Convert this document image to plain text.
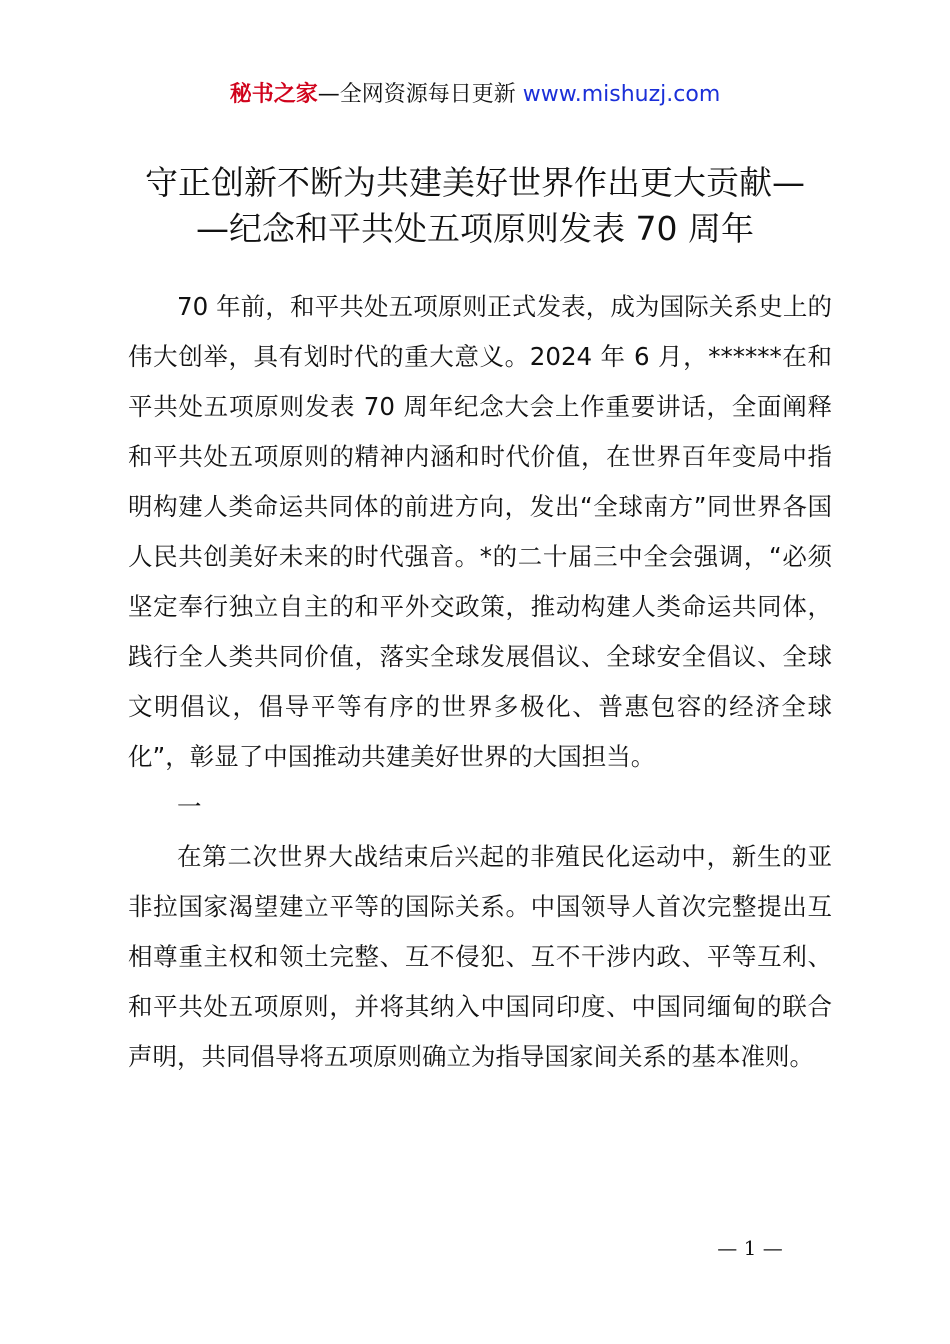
秘书之家—全网资源每日更新 www.mishuzj.com
守正创新不断为共建美好世界作出更大贡献—
—纪念和平共处五项原则发表 70 周年

70 年前，和平共处五项原则正式发表，成为国际关系史上的伟大创举，具有划时代的重大意义。2024 年 6 月，******在和平共处五项原则发表 70 周年纪念大会上作重要讲话，全面阐释和平共处五项原则的精神内涵和时代价值，在世界百年变局中指明构建人类命运共同体的前进方向，发出“全球南方”同世界各国人民共创美好未来的时代强音。*的二十届三中全会强调，“必须坚定奉行独立自主的和平外交政策，推动构建人类命运共同体，践行全人类共同价值，落实全球发展倡议、全球安全倡议、全球文明倡议，倡导平等有序的世界多极化、普惠包容的经济全球化”，彰显了中国推动共建美好世界的大国担当。

一

在第二次世界大战结束后兴起的非殖民化运动中，新生的亚非拉国家渴望建立平等的国际关系。中国领导人首次完整提出互相尊重主权和领土完整、互不侵犯、互不干涉内政、平等互利、和平共处五项原则，并将其纳入中国同印度、中国同缅甸的联合声明，共同倡导将五项原则确立为指导国家间关系的基本准则。

— 1 —
